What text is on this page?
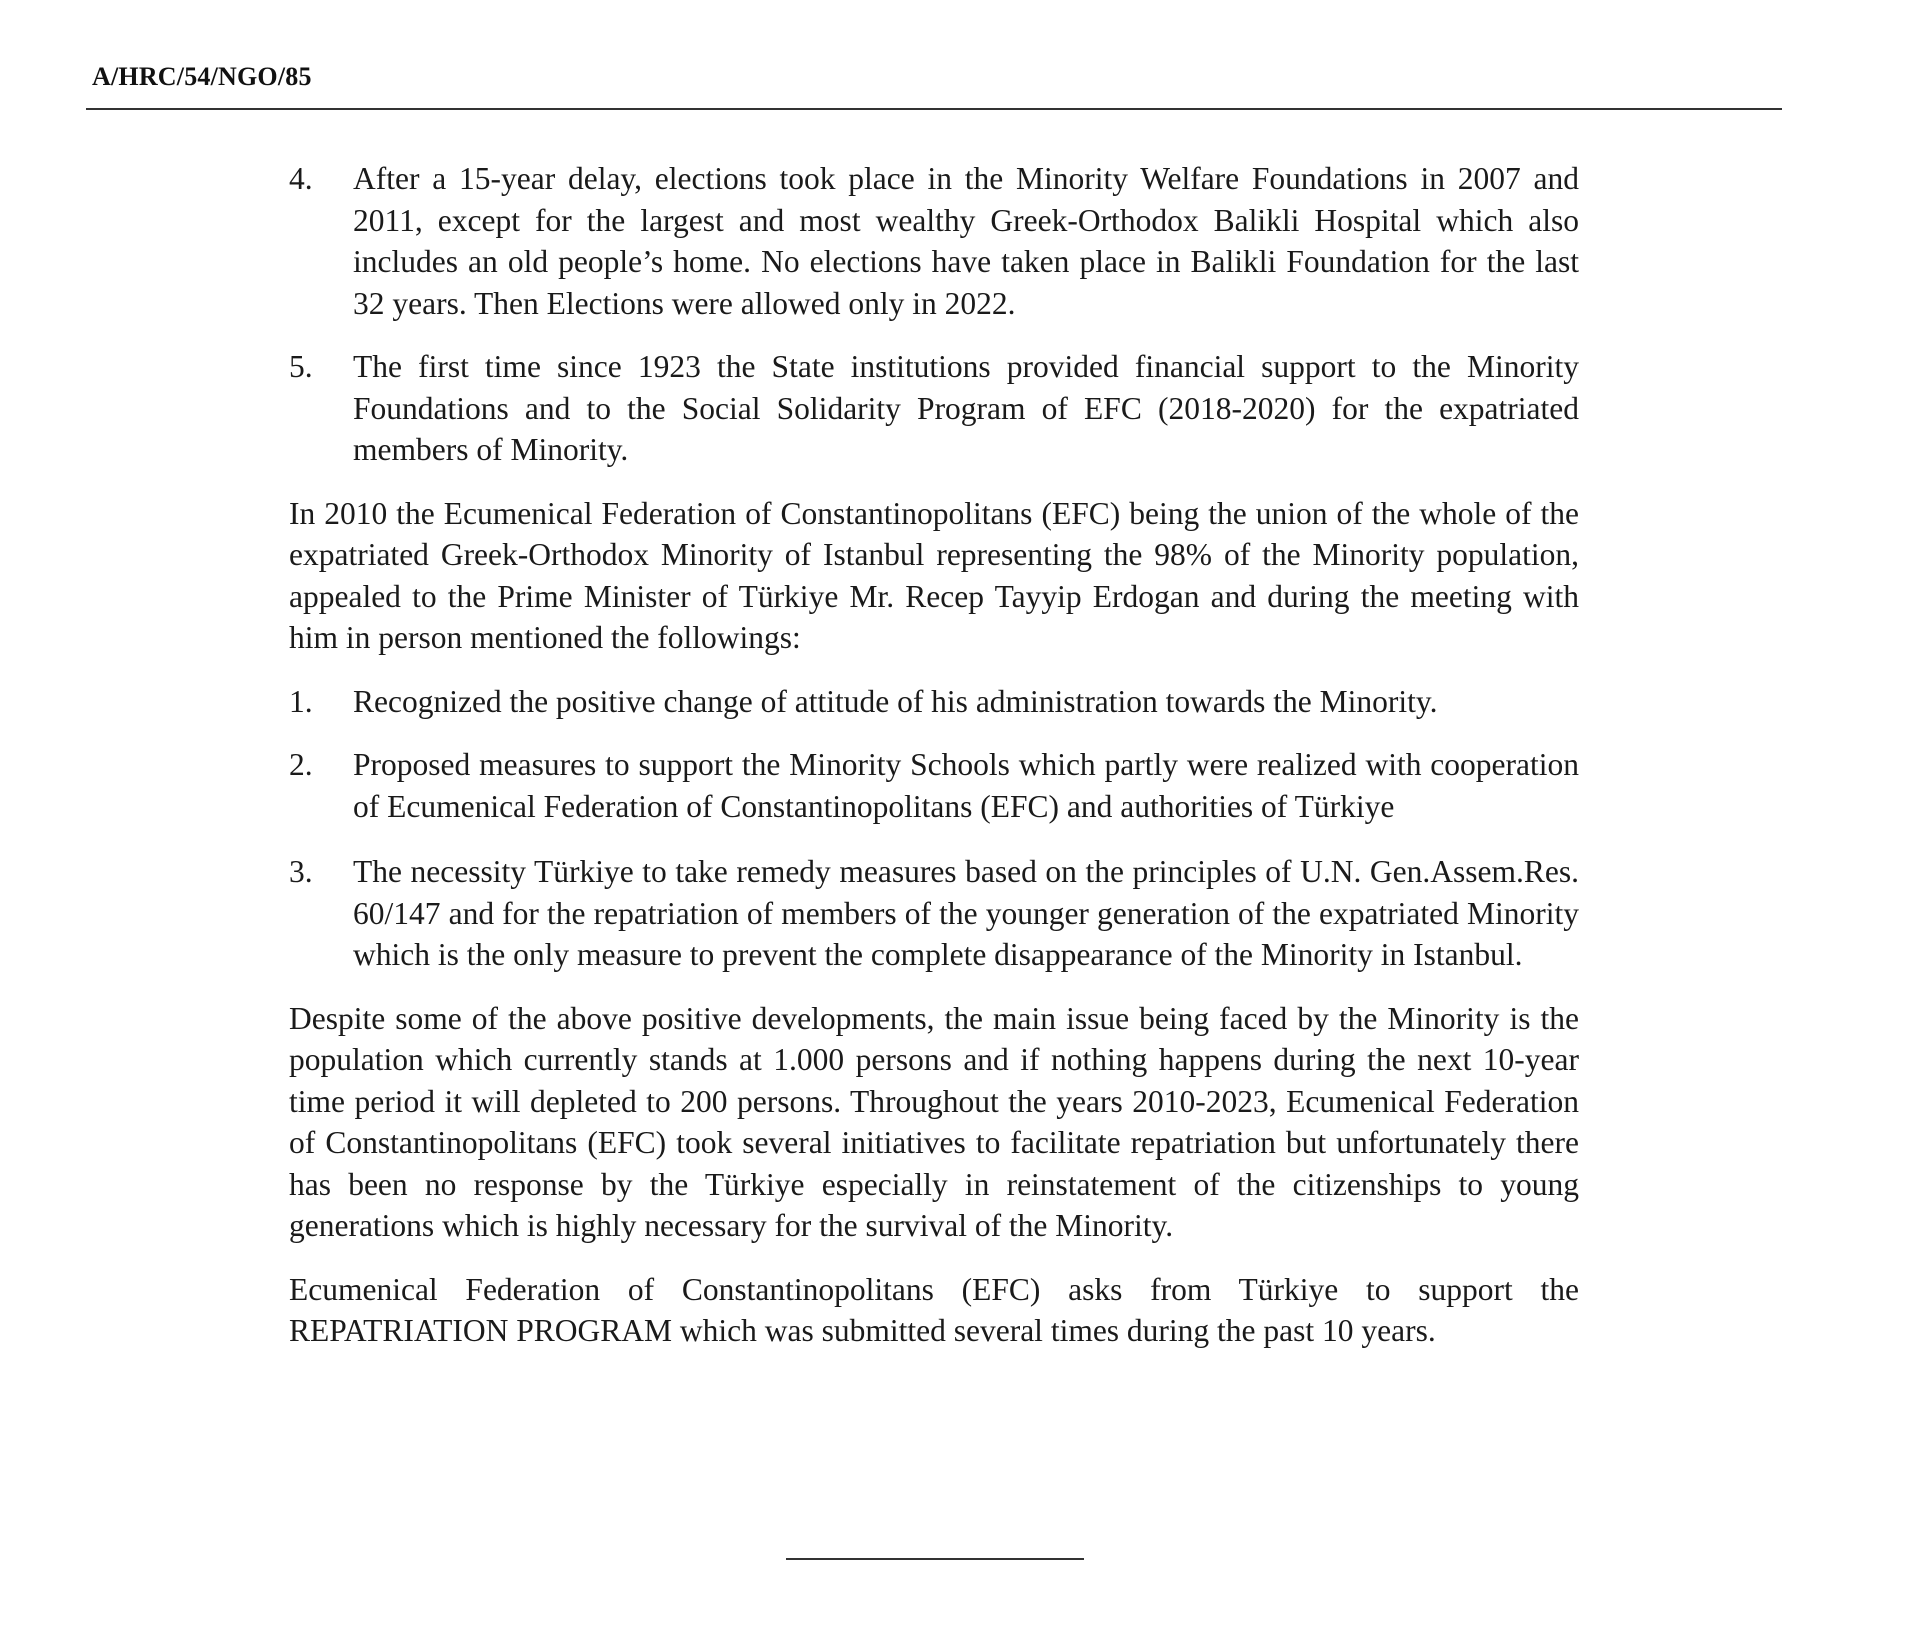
A/HRC/54/NGO/85
4. After a 15-year delay, elections took place in the Minority Welfare Foundations in 2007 and 2011, except for the largest and most wealthy Greek-Orthodox Balikli Hospital which also includes an old people’s home. No elections have taken place in Balikli Foundation for the last 32 years. Then Elections were allowed only in 2022.

5. The first time since 1923 the State institutions provided financial support to the Minority Foundations and to the Social Solidarity Program of EFC (2018-2020) for the expatriated members of Minority.

In 2010 the Ecumenical Federation of Constantinopolitans (EFC) being the union of the whole of the expatriated Greek-Orthodox Minority of Istanbul representing the 98% of the Minority population, appealed to the Prime Minister of Türkiye Mr. Recep Tayyip Erdogan and during the meeting with him in person mentioned the followings:

1. Recognized the positive change of attitude of his administration towards the Minority.

2. Proposed measures to support the Minority Schools which partly were realized with cooperation of Ecumenical Federation of Constantinopolitans (EFC) and authorities of Türkiye

3. The necessity Türkiye to take remedy measures based on the principles of U.N. Gen.Assem.Res. 60/147 and for the repatriation of members of the younger generation of the expatriated Minority which is the only measure to prevent the complete disappearance of the Minority in Istanbul.

Despite some of the above positive developments, the main issue being faced by the Minority is the population which currently stands at 1.000 persons and if nothing happens during the next 10-year time period it will depleted to 200 persons. Throughout the years 2010-2023, Ecumenical Federation of Constantinopolitans (EFC) took several initiatives to facilitate repatriation but unfortunately there has been no response by the Türkiye especially in reinstatement of the citizenships to young generations which is highly necessary for the survival of the Minority.

Ecumenical Federation of Constantinopolitans (EFC) asks from Türkiye to support the REPATRIATION PROGRAM which was submitted several times during the past 10 years.
